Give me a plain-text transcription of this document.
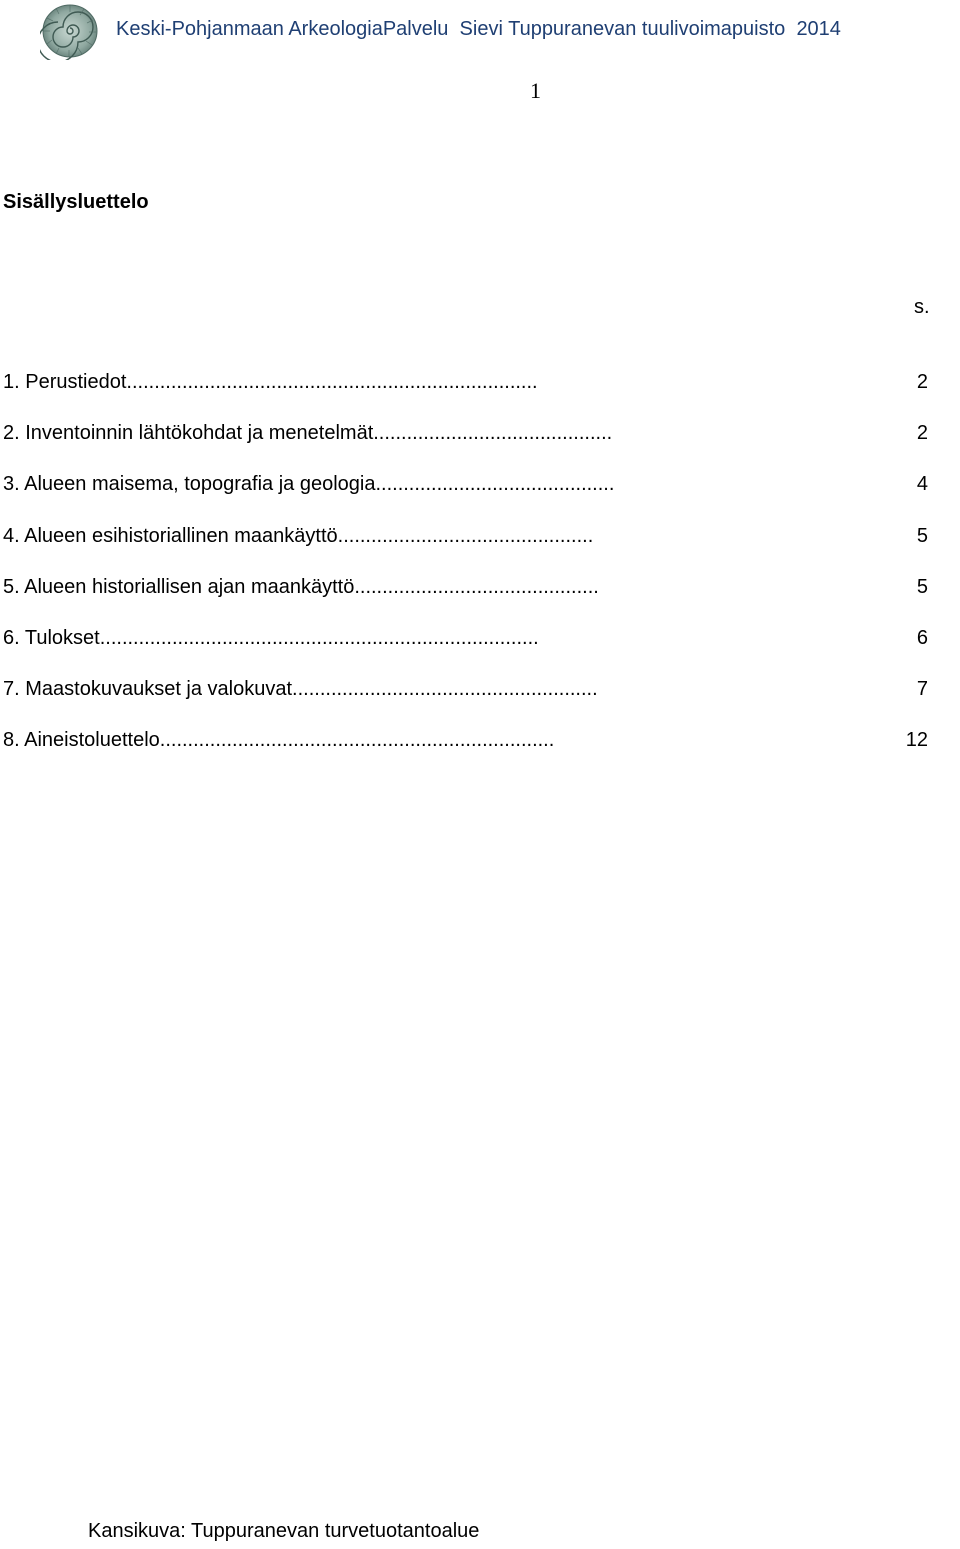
Keski-Pohjanmaan ArkeologiaPalvelu Sievi Tuppuranevan tuulivoimapuisto 2014
1
Sisällysluettelo
s.
1. Perustiedot..........................................................................	2
2. Inventoinnin lähtökohdat ja menetelmät...........................................	2
3. Alueen maisema, topografia ja geologia...........................................	4
4. Alueen esihistoriallinen maankäyttö..............................................	5
5. Alueen historiallisen ajan maankäyttö............................................	5
6. Tulokset...............................................................................	6
7. Maastokuvaukset ja valokuvat.......................................................	7
8. Aineistoluettelo.......................................................................	12
Kansikuva: Tuppuranevan turvetuotantoalue
